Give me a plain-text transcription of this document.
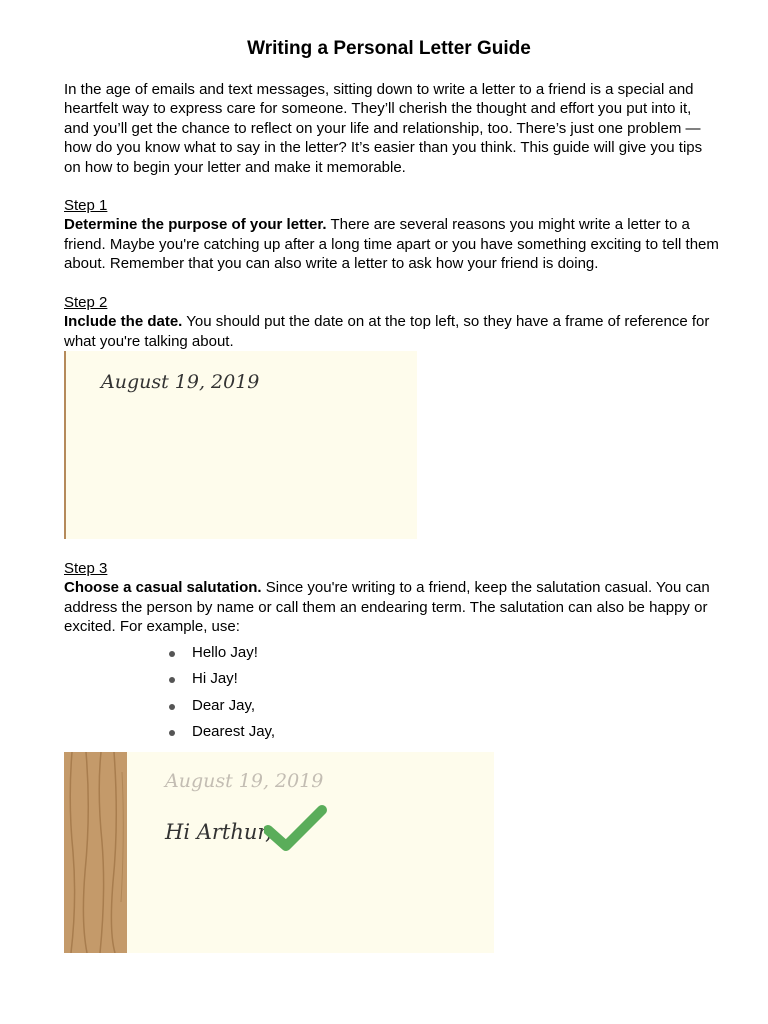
Writing a Personal Letter Guide

In the age of emails and text messages, sitting down to write a letter to a friend is a special and heartfelt way to express care for someone. They’ll cherish the thought and effort you put into it, and you’ll get the chance to reflect on your life and relationship, too. There’s just one problem — how do you know what to say in the letter? It’s easier than you think. This guide will give you tips on how to begin your letter and make it memorable.

Step 1

Determine the purpose of your letter. There are several reasons you might write a letter to a friend. Maybe you're catching up after a long time apart or you have something exciting to tell them about. Remember that you can also write a letter to ask how your friend is doing.

Step 2

Include the date. You should put the date on at the top left, so they have a frame of reference for what you're talking about.

Step 3

Choose a casual salutation. Since you're writing to a friend, keep the salutation casual. You can address the person by name or call them an endearing term. The salutation can also be happy or excited. For example, use:

Hello Jay!
Hi Jay!
Dear Jay,
Dearest Jay,
August 19, 2019
August 19, 2019
Hi Arthur,
